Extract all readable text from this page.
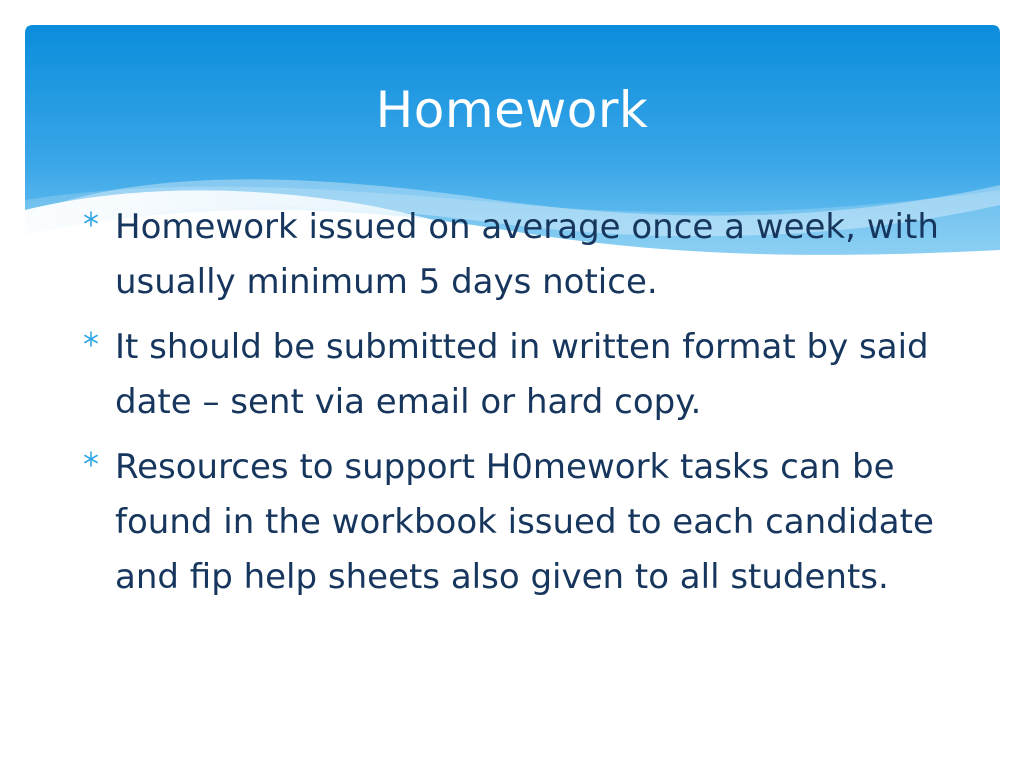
Homework
Homework issued on average once a week, with usually minimum 5 days notice.
It should be submitted in written format by said date – sent via email or hard copy.
Resources to support H0mework tasks can be found in the workbook issued to each candidate and fip help sheets also given to all students.
